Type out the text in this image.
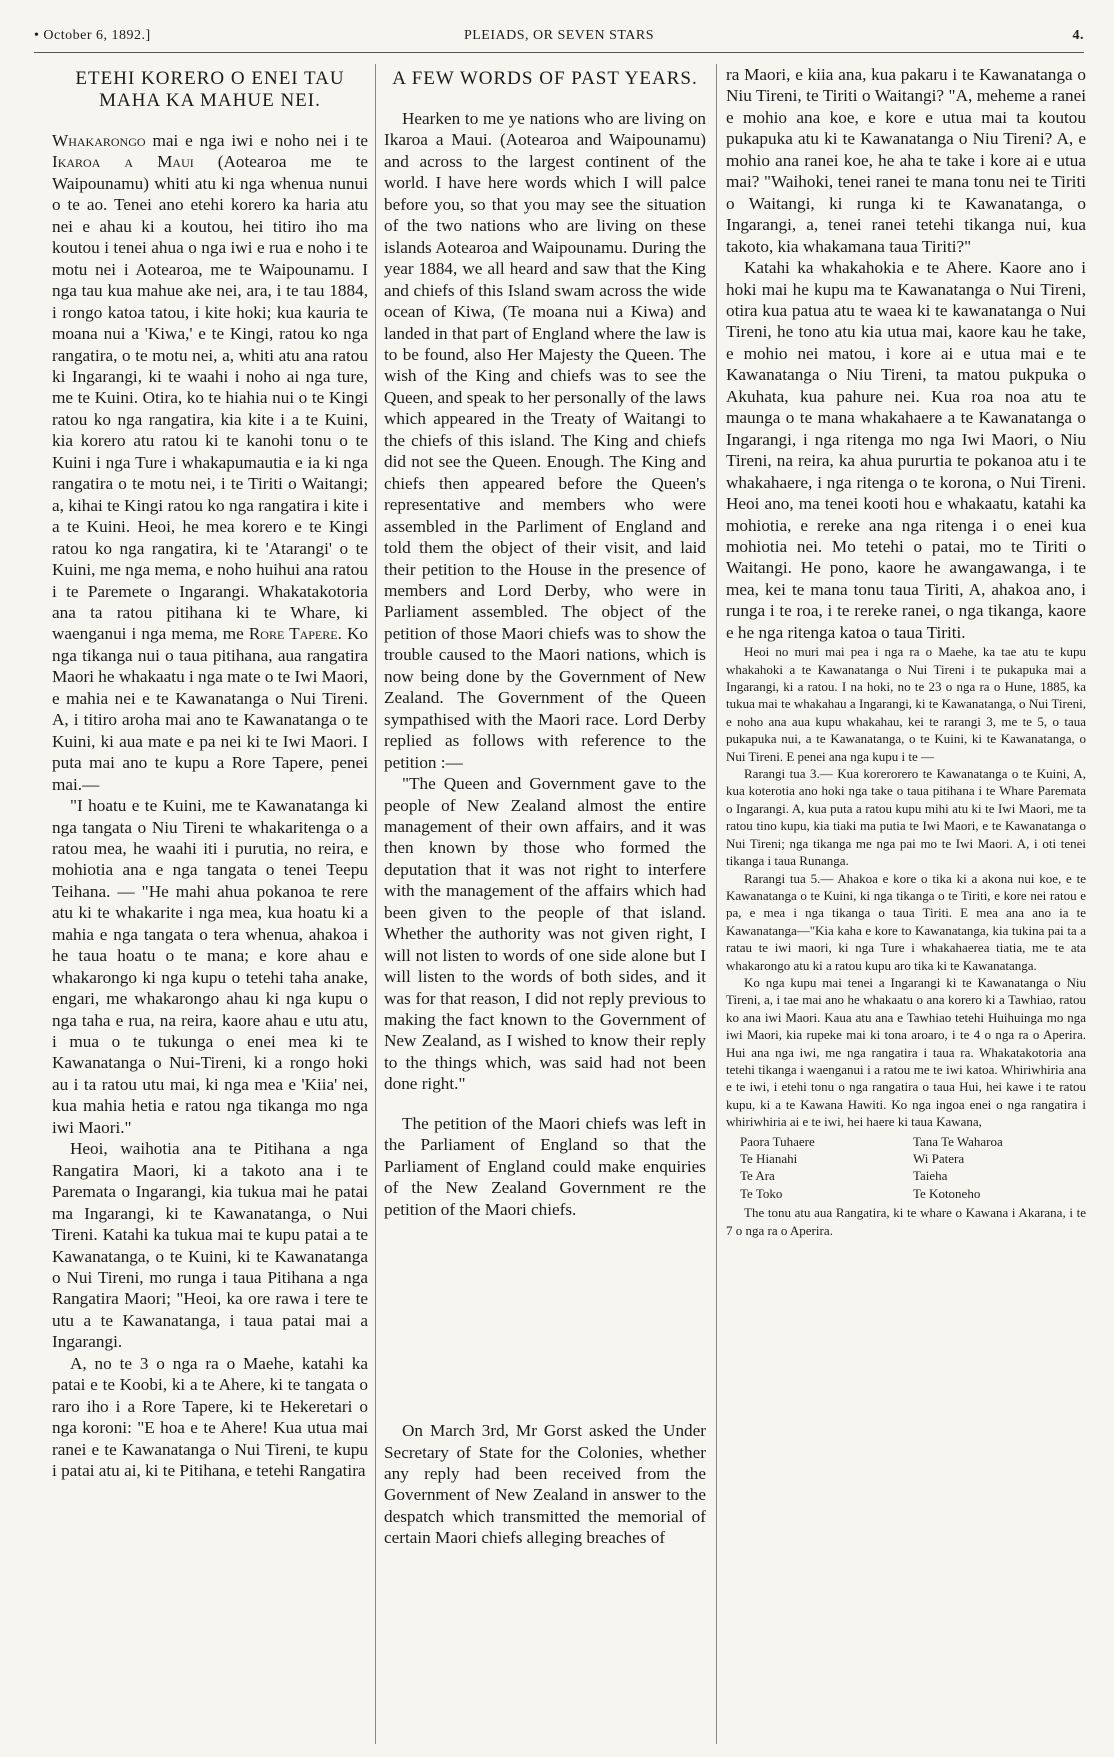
• October 6, 1892.]	PLEIADS, OR SEVEN STARS	4.
ETEHI KORERO O ENEI TAU MAHA KA MAHUE NEI.

Whakarongo mai e nga iwi e noho nei i te Ikaroa a Maui (Aotearoa me te Waipounamu) whiti atu ki nga whenua nunui o te ao. Tenei ano etehi korero ka haria atu nei e ahau ki a koutou, hei titiro iho ma koutou i tenei ahua o nga iwi e rua e noho i te motu nei i Aotearoa, me te Waipounamu. I nga tau kua mahue ake nei, ara, i te tau 1884, i rongo katoa tatou, i kite hoki; kua kauria te moana nui a 'Kiwa,' e te Kingi, ratou ko nga rangatira, o te motu nei, a, whiti atu ana ratou ki Ingarangi, ki te waahi i noho ai nga ture, me te Kuini. Otira, ko te hiahia nui o te Kingi ratou ko nga rangatira, kia kite i a te Kuini, kia korero atu ratou ki te kanohi tonu o te Kuini i nga Ture i whakapumautia e ia ki nga rangatira o te motu nei, i te Tiriti o Waitangi; a, kihai te Kingi ratou ko nga rangatira i kite i a te Kuini. Heoi, he mea korero e te Kingi ratou ko nga rangatira, ki te 'Atarangi' o te Kuini, me nga mema, e noho huihui ana ratou i te Paremete o Ingarangi. Whakatakotoria ana ta ratou pitihana ki te Whare, ki waenganui i nga mema, me Rore Tapere. Ko nga tikanga nui o taua pitihana, aua rangatira Maori he whakaatu i nga mate o te Iwi Maori, e mahia nei e te Kawanatanga o Nui Tireni. A, i titiro aroha mai ano te Kawanatanga o te Kuini, ki aua mate e pa nei ki te Iwi Maori. I puta mai ano te kupu a Rore Tapere, penei mai.—

"I hoatu e te Kuini, me te Kawanatanga ki nga tangata o Niu Tireni te whakaritenga o a ratou mea, he waahi iti i purutia, no reira, e mohiotia ana e nga tangata o tenei Teepu Teihana. — "He mahi ahua pokanoa te rere atu ki te whakarite i nga mea, kua hoatu ki a mahia e nga tangata o tera whenua, ahakoa i he taua hoatu o te mana; e kore ahau e whakarongo ki nga kupu o tetehi taha anake, engari, me whakarongo ahau ki nga kupu o nga taha e rua, na reira, kaore ahau e utu atu, i mua o te tukunga o enei mea ki te Kawanatanga o Nui-Tireni, ki a rongo hoki au i ta ratou utu mai, ki nga mea e 'Kiia' nei, kua mahia hetia e ratou nga tikanga mo nga iwi Maori."

Heoi, waihotia ana te Pitihana a nga Rangatira Maori, ki a takoto ana i te Paremata o Ingarangi, kia tukua mai he patai ma Ingarangi, ki te Kawanatanga, o Nui Tireni. Katahi ka tukua mai te kupu patai a te Kawanatanga, o te Kuini, ki te Kawanatanga o Nui Tireni, mo runga i taua Pitihana a nga Rangatira Maori; "Heoi, ka ore rawa i tere te utu a te Kawanatanga, i taua patai mai a Ingarangi.

A, no te 3 o nga ra o Maehe, katahi ka patai e te Koobi, ki a te Ahere, ki te tangata o raro iho i a Rore Tapere, ki te Hekeretari o nga koroni: "E hoa e te Ahere! Kua utua mai ranei e te Kawanatanga o Nui Tireni, te kupu i patai atu ai, ki te Pitihana, e tetehi Rangatira

A FEW WORDS OF PAST YEARS.

Hearken to me ye nations who are living on Ikaroa a Maui. (Aotearoa and Waipounamu) and across to the largest continent of the world. I have here words which I will palce before you, so that you may see the situation of the two nations who are living on these islands Aotearoa and Waipounamu. During the year 1884, we all heard and saw that the King and chiefs of this Island swam across the wide ocean of Kiwa, (Te moana nui a Kiwa) and landed in that part of England where the law is to be found, also Her Majesty the Queen. The wish of the King and chiefs was to see the Queen, and speak to her personally of the laws which appeared in the Treaty of Waitangi to the chiefs of this island. The King and chiefs did not see the Queen. Enough. The King and chiefs then appeared before the Queen's representative and members who were assembled in the Parliment of England and told them the object of their visit, and laid their petition to the House in the presence of members and Lord Derby, who were in Parliament assembled. The object of the petition of those Maori chiefs was to show the trouble caused to the Maori nations, which is now being done by the Government of New Zealand. The Government of the Queen sympathised with the Maori race. Lord Derby replied as follows with reference to the petition :—

"The Queen and Government gave to the people of New Zealand almost the entire management of their own affairs, and it was then known by those who formed the deputation that it was not right to interfere with the management of the affairs which had been given to the people of that island. Whether the authority was not given right, I will not listen to words of one side alone but I will listen to the words of both sides, and it was for that reason, I did not reply previous to making the fact known to the Government of New Zealand, as I wished to know their reply to the things which, was said had not been done right."

The petition of the Maori chiefs was left in the Parliament of England so that the Parliament of England could make enquiries of the New Zealand Government re the petition of the Maori chiefs.

On March 3rd, Mr Gorst asked the Under Secretary of State for the Colonies, whether any reply had been received from the Government of New Zealand in answer to the despatch which transmitted the memorial of certain Maori chiefs alleging breaches of

ra Maori, e kiia ana, kua pakaru i te Kawanatanga o Niu Tireni, te Tiriti o Waitangi? "A, meheme a ranei e mohio ana koe, e kore e utua mai ta koutou pukapuka atu ki te Kawanatanga o Niu Tireni? A, e mohio ana ranei koe, he aha te take i kore ai e utua mai? "Waihoki, tenei ranei te mana tonu nei te Tiriti o Waitangi, ki runga ki te Kawanatanga, o Ingarangi, a, tenei ranei tetehi tikanga nui, kua takoto, kia whakamana taua Tiriti?"

Katahi ka whakahokia e te Ahere. Kaore ano i hoki mai he kupu ma te Kawanatanga o Nui Tireni, otira kua patua atu te waea ki te kawanatanga o Nui Tireni, he tono atu kia utua mai, kaore kau he take, e mohio nei matou, i kore ai e utua mai e te Kawanatanga o Niu Tireni, ta matou pukpuka o Akuhata, kua pahure nei. Kua roa noa atu te maunga o te mana whakahaere a te Kawanatanga o Ingarangi, i nga ritenga mo nga Iwi Maori, o Niu Tireni, na reira, ka ahua pururtia te pokanoa atu i te whakahaere, i nga ritenga o te korona, o Nui Tireni. Heoi ano, ma tenei kooti hou e whakaatu, katahi ka mohiotia, e rereke ana nga ritenga i o enei kua mohiotia nei. Mo tetehi o patai, mo te Tiriti o Waitangi. He pono, kaore he awangawanga, i te mea, kei te mana tonu taua Tiriti, A, ahakoa ano, i runga i te roa, i te rereke ranei, o nga tikanga, kaore e he nga ritenga katoa o taua Tiriti.

Heoi no muri mai pea i nga ra o Maehe, ka tae atu te kupu whakahoki a te Kawanatanga o Nui Tireni i te pukapuka mai a Ingarangi, ki a ratou. I na hoki, no te 23 o nga ra o Hune, 1885, ka tukua mai te whakahau a Ingarangi, ki te Kawanatanga, o Nui Tireni, e noho ana aua kupu whakahau, kei te rarangi 3, me te 5, o taua pukapuka nui, a te Kawanatanga, o te Kuini, ki te Kawanatanga, o Nui Tireni. E penei ana nga kupu i te —

Rarangi tua 3.— Kua korerorero te Kawanatanga o te Kuini, A, kua koterotia ano hoki nga take o taua pitihana i te Whare Paremata o Ingarangi. A, kua puta a ratou kupu mihi atu ki te Iwi Maori, me ta ratou tino kupu, kia tiaki ma putia te Iwi Maori, e te Kawanatanga o Nui Tireni; nga tikanga me nga pai mo te Iwi Maori. A, i oti tenei tikanga i taua Runanga.

Rarangi tua 5.— Ahakoa e kore o tika ki a akona nui koe, e te Kawanatanga o te Kuini, ki nga tikanga o te Tiriti, e kore nei ratou e pa, e mea i nga tikanga o taua Tiriti. E mea ana ano ia te Kawanatanga—"Kia kaha e kore to Kawanatanga, kia tukina pai ta a ratau te iwi maori, ki nga Ture i whakahaerea tiatia, me te ata whakarongo atu ki a ratou kupu aro tika ki te Kawanatanga.

Ko nga kupu mai tenei a Ingarangi ki te Kawanatanga o Niu Tireni, a, i tae mai ano he whakaatu o ana korero ki a Tawhiao, ratou ko ana iwi Maori. Kaua atu ana e Tawhiao tetehi Huihuinga mo nga iwi Maori, kia rupeke mai ki tona aroaro, i te 4 o nga ra o Aperira. Hui ana nga iwi, me nga rangatira i taua ra. Whakatakotoria ana tetehi tikanga i waenganui i a ratou me te iwi katoa. Whiriwhiria ana e te iwi, i etehi tonu o nga rangatira o taua Hui, hei kawe i te ratou kupu, ki a te Kawana Hawiti. Ko nga ingoa enei o nga rangatira i whiriwhiria ai e te iwi, hei haere ki taua Kawana,

Paora Tuhaere	Tana Te Waharoa
Te Hianahi	Wi Patera
Te Ara	Taieha
Te Toko	Te Kotoneho

The tonu atu aua Rangatira, ki te whare o Kawana i Akarana, i te 7 o nga ra o Aperira.
